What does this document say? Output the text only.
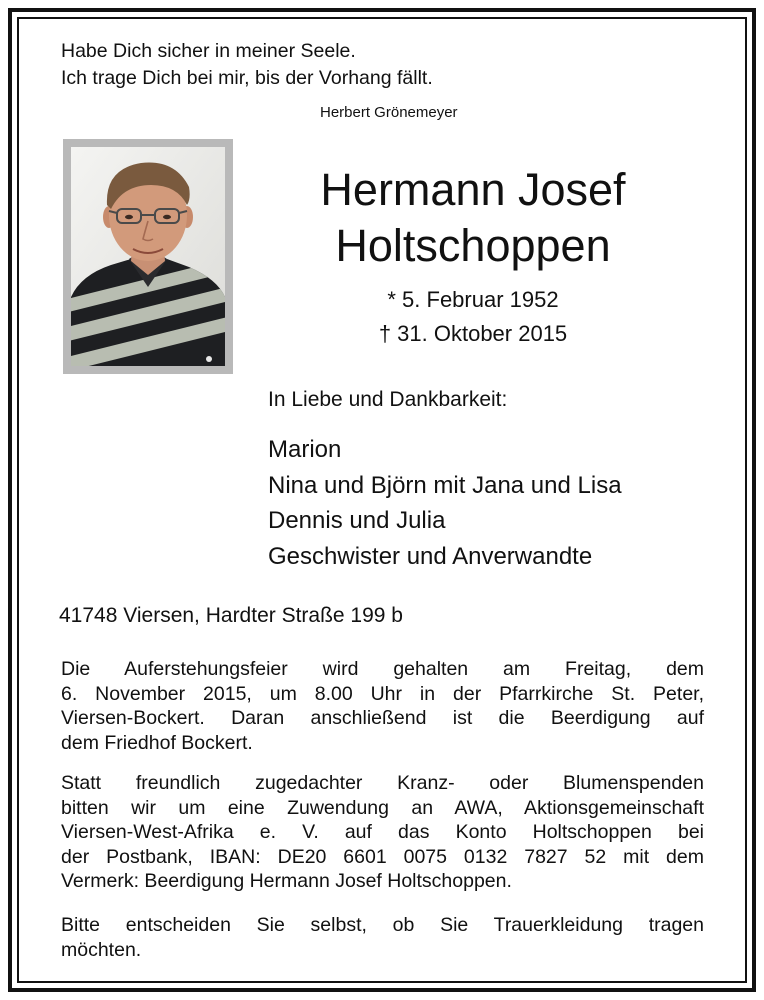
Habe Dich sicher in meiner Seele.
Ich trage Dich bei mir, bis der Vorhang fällt.
Herbert Grönemeyer
Hermann Josef
Holtschoppen
* 5. Februar 1952
† 31. Oktober 2015
In Liebe und Dankbarkeit:
Marion
Nina und Björn mit Jana und Lisa
Dennis und Julia
Geschwister und Anverwandte
41748 Viersen, Hardter Straße 199 b
Die Auferstehungsfeier wird gehalten am Freitag, dem
6. November 2015, um 8.00 Uhr in der Pfarrkirche St. Peter,
Viersen-Bockert. Daran anschließend ist die Beerdigung auf
dem Friedhof Bockert.
Statt freundlich zugedachter Kranz- oder Blumenspenden
bitten wir um eine Zuwendung an AWA, Aktionsgemeinschaft
Viersen-West-Afrika e. V. auf das Konto Holtschoppen bei
der Postbank, IBAN: DE20 6601 0075 0132 7827 52 mit dem
Vermerk: Beerdigung Hermann Josef Holtschoppen.
Bitte entscheiden Sie selbst, ob Sie Trauerkleidung tragen
möchten.
